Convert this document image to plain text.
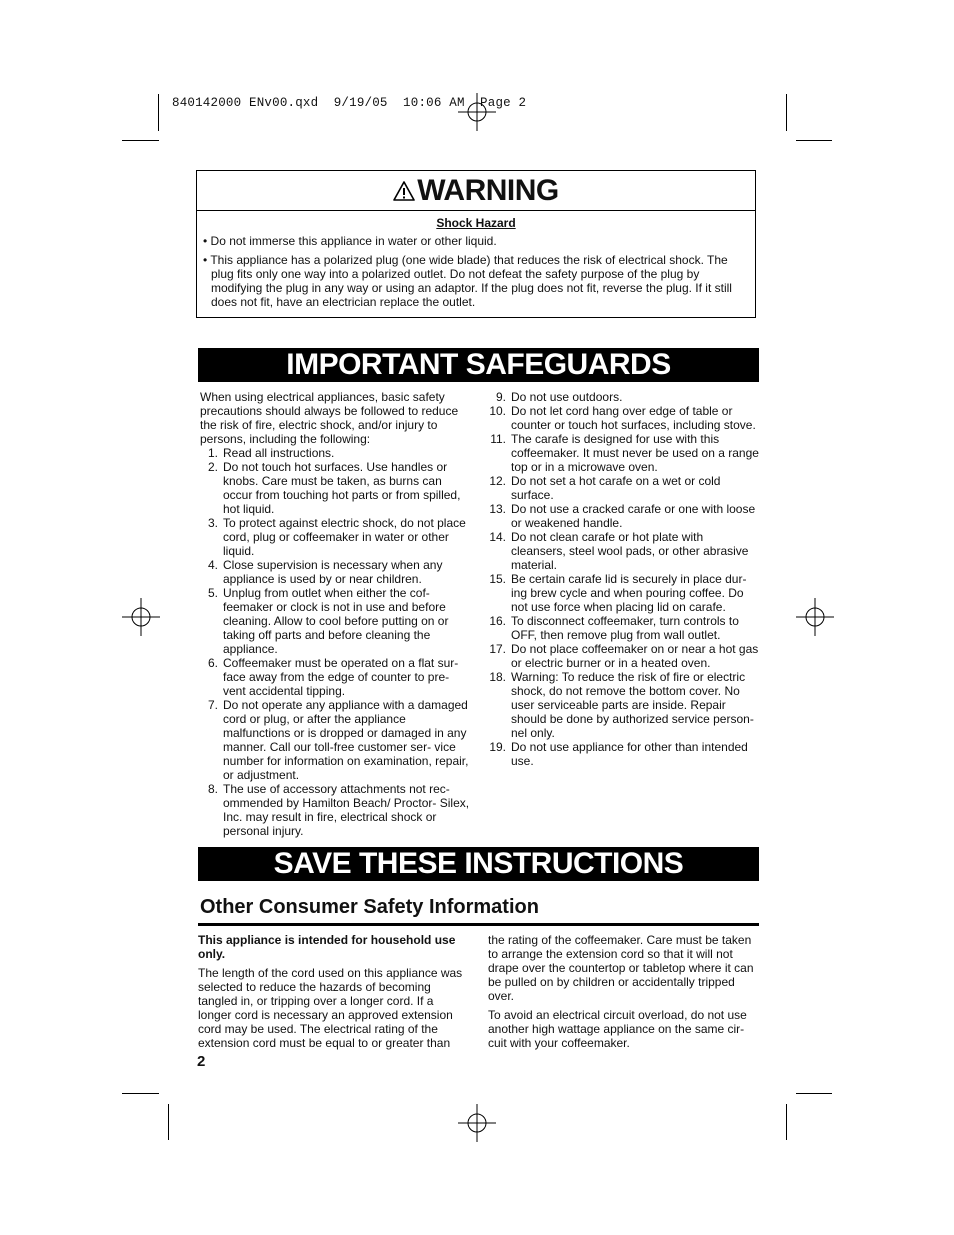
840142000 ENv00.qxd  9/19/05  10:06 AM  Page 2
WARNING
Shock Hazard

• Do not immerse this appliance in water or other liquid.

• This appliance has a polarized plug (one wide blade) that reduces the risk of electrical shock. The plug fits only one way into a polarized outlet. Do not defeat the safety purpose of the plug by modifying the plug in any way or using an adaptor. If the plug does not fit, reverse the plug. If it still does not fit, have an electrician replace the outlet.

IMPORTANT SAFEGUARDS

When using electrical appliances, basic safety precautions should always be followed to reduce the risk of fire, electric shock, and/or injury to persons, including the following:

1. Read all instructions.
2. Do not touch hot surfaces. Use handles or knobs. Care must be taken, as burns can occur from touching hot parts or from spilled, hot liquid.
3. To protect against electric shock, do not place cord, plug or coffeemaker in water or other liquid.
4. Close supervision is necessary when any appliance is used by or near children.
5. Unplug from outlet when either the cof- feemaker or clock is not in use and before cleaning. Allow to cool before putting on or taking off parts and before cleaning the appliance.
6. Coffeemaker must be operated on a flat sur- face away from the edge of counter to pre- vent accidental tipping.
7. Do not operate any appliance with a damaged cord or plug, or after the appliance malfunctions or is dropped or damaged in any manner. Call our toll-free customer ser- vice number for information on examination, repair, or adjustment.
8. The use of accessory attachments not rec- ommended by Hamilton Beach/ Proctor- Silex, Inc. may result in fire, electrical shock or personal injury.
9. Do not use outdoors.
10. Do not let cord hang over edge of table or counter or touch hot surfaces, including stove.
11. The carafe is designed for use with this coffeemaker. It must never be used on a range top or in a microwave oven.
12. Do not set a hot carafe on a wet or cold surface.
13. Do not use a cracked carafe or one with loose or weakened handle.
14. Do not clean carafe or hot plate with cleansers, steel wool pads, or other abrasive material.
15. Be certain carafe lid is securely in place dur- ing brew cycle and when pouring coffee. Do not use force when placing lid on carafe.
16. To disconnect coffeemaker, turn controls to OFF, then remove plug from wall outlet.
17. Do not place coffeemaker on or near a hot gas or electric burner or in a heated oven.
18. Warning: To reduce the risk of fire or electric shock, do not remove the bottom cover. No user serviceable parts are inside. Repair should be done by authorized service person- nel only.
19. Do not use appliance for other than intended use.
SAVE THESE INSTRUCTIONS
Other Consumer Safety Information

This appliance is intended for household use only.

The length of the cord used on this appliance was selected to reduce the hazards of becoming tangled in, or tripping over a longer cord. If a longer cord is necessary an approved extension cord may be used. The electrical rating of the extension cord must be equal to or greater than

the rating of the coffeemaker. Care must be taken to arrange the extension cord so that it will not drape over the countertop or tabletop where it can be pulled on by children or accidentally tripped over.

To avoid an electrical circuit overload, do not use another high wattage appliance on the same cir- cuit with your coffeemaker.

2
